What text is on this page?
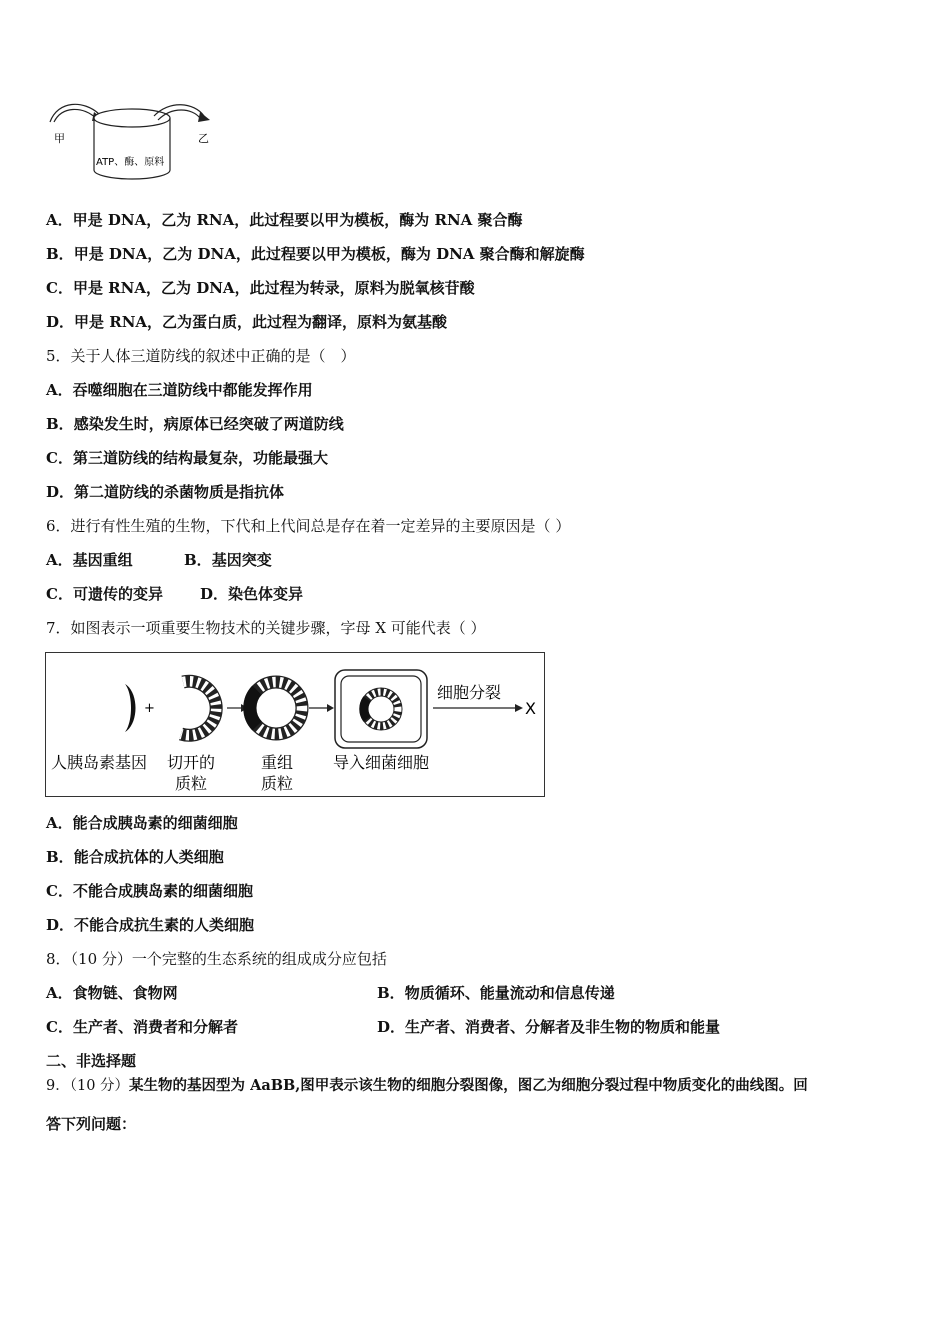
甲	乙
ATP、酶、原料
A．甲是 DNA，乙为 RNA，此过程要以甲为模板，酶为 RNA 聚合酶
B．甲是 DNA，乙为 DNA，此过程要以甲为模板，酶为 DNA 聚合酶和解旋酶
C．甲是 RNA，乙为 DNA，此过程为转录，原料为脱氧核苷酸
D．甲是 RNA，乙为蛋白质，此过程为翻译，原料为氨基酸
5．关于人体三道防线的叙述中正确的是（　）
A．吞噬细胞在三道防线中都能发挥作用
B．感染发生时，病原体已经突破了两道防线
C．第三道防线的结构最复杂，功能最强大
D．第二道防线的杀菌物质是指抗体
6．进行有性生殖的生物，下代和上代间总是存在着一定差异的主要原因是（ ）
A．基因重组	B．基因突变
C．可遗传的变异 D．染色体变异
7．如图表示一项重要生物技术的关键步骤，字母 X 可能代表（ ）
+
细胞分裂
X
人胰岛素基因 切开的
质粒
重组
质粒
导入细菌细胞
A．能合成胰岛素的细菌细胞
B．能合成抗体的人类细胞
C．不能合成胰岛素的细菌细胞
D．不能合成抗生素的人类细胞
8．（10 分）一个完整的生态系统的组成成分应包括
A．食物链、食物网	B．物质循环、能量流动和信息传递
C．生产者、消费者和分解者	D．生产者、消费者、分解者及非生物的物质和能量
二、非选择题
9．（10 分）某生物的基因型为 AaBB,图甲表示该生物的细胞分裂图像，图乙为细胞分裂过程中物质变化的曲线图。回
答下列问题：
